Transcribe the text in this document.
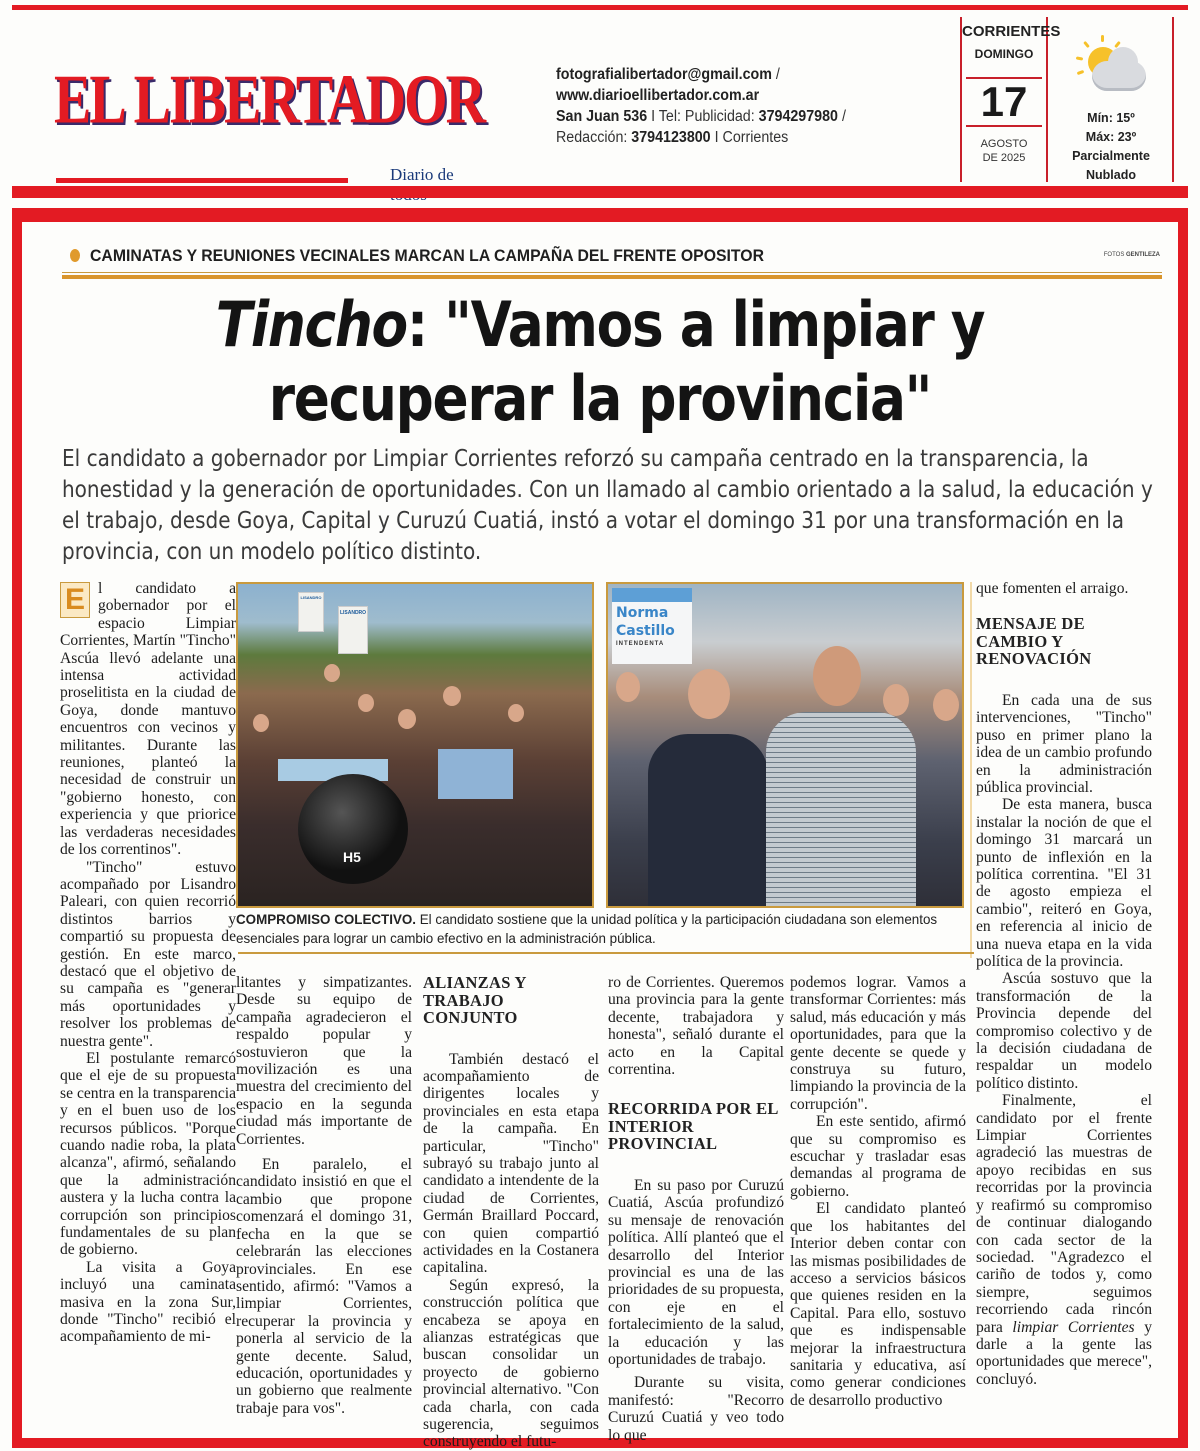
EL LIBERTADOR
Diario de
fotografialibertador@gmail.com /
www.diarioellibertador.com.ar
San Juan 536 I Tel: Publicidad: 3794297980 /
Redacción: 3794123800 I Corrientes
CORRIENTES
DOMINGO
17
AGOSTO
DE 2025
Mín: 15º
Máx: 23º
Parcialmente
Nublado
CAMINATAS Y REUNIONES VECINALES MARCAN LA CAMPAÑA DEL FRENTE OPOSITOR	FOTOS GENTILEZA
Tincho: "Vamos a limpiar y
recuperar la provincia"

El candidato a gobernador por Limpiar Corrientes reforzó su campaña centrado en la transparencia, la honestidad y la generación de oportunidades. Con un llamado al cambio orientado a la salud, la educación y el trabajo, desde Goya, Capital y Curuzú Cuatiá, instó a votar el domingo 31 por una transformación en la provincia, con un modelo político distinto.

E l candidato a gobernador por el espacio Limpiar Corrientes, Martín "Tincho" Ascúa llevó adelante una intensa actividad proselitista en la ciudad de Goya, donde mantuvo encuentros con vecinos y militantes. Durante las reuniones, planteó la necesidad de construir un "gobierno honesto, con experiencia y que priorice las verdaderas necesidades de los correntinos".

"Tincho" estuvo acompañado por Lisandro Paleari, con quien recorrió distintos barrios y compartió su propuesta de gestión. En este marco, destacó que el objetivo de su campaña es "generar más oportunidades y resolver los problemas de nuestra gente".

El postulante remarcó que el eje de su propuesta se centra en la transparencia y en el buen uso de los recursos públicos. "Porque cuando nadie roba, la plata alcanza", afirmó, señalando que la administración austera y la lucha contra la corrupción son principios fundamentales de su plan de gobierno.

La visita a Goya incluyó una caminata masiva en la zona Sur, donde "Tincho" recibió el acompañamiento de mi-

LISANDRO
LISANDRO
H5
Norma
Castillo
INTENDENTA
COMPROMISO COLECTIVO. El candidato sostiene que la unidad política y la participación ciudadana son elementos esenciales para lograr un cambio efectivo en la administración pública.

litantes y simpatizantes. Desde su equipo de campaña agradecieron el respaldo popular y sostuvieron que la movilización es una muestra del crecimiento del espacio en la segunda ciudad más importante de Corrientes.

En paralelo, el candidato insistió en que el cambio que propone comenzará el domingo 31, fecha en la que se celebrarán las elecciones provinciales. En ese sentido, afirmó: "Vamos a limpiar Corrientes, recuperar la provincia y ponerla al servicio de la gente decente. Salud, educación, oportunidades y un gobierno que realmente trabaje para vos".

ALIANZAS Y TRABAJO CONJUNTO

También destacó el acompañamiento de dirigentes locales y provinciales en esta etapa de la campaña. En particular, "Tincho" subrayó su trabajo junto al candidato a intendente de la ciudad de Corrientes, Germán Braillard Poccard, con quien compartió actividades en la Costanera capitalina.

Según expresó, la construcción política que encabeza se apoya en alianzas estratégicas que buscan consolidar un proyecto de gobierno provincial alternativo. "Con cada charla, con cada sugerencia, seguimos construyendo el futu-

ro de Corrientes. Queremos una provincia para la gente decente, trabajadora y honesta", señaló durante el acto en la Capital correntina.

RECORRIDA POR EL INTERIOR PROVINCIAL

En su paso por Curuzú Cuatiá, Ascúa profundizó su mensaje de renovación política. Allí planteó que el desarrollo del Interior provincial es una de las prioridades de su propuesta, con eje en el fortalecimiento de la salud, la educación y las oportunidades de trabajo.

Durante su visita, manifestó: "Recorro Curuzú Cuatiá y veo todo lo que

podemos lograr. Vamos a transformar Corrientes: más salud, más educación y más oportunidades, para que la gente decente se quede y construya su futuro, limpiando la provincia de la corrupción".

En este sentido, afirmó que su compromiso es escuchar y trasladar esas demandas al programa de gobierno.

El candidato planteó que los habitantes del Interior deben contar con las mismas posibilidades de acceso a servicios básicos que quienes residen en la Capital. Para ello, sostuvo que es indispensable mejorar la infraestructura sanitaria y educativa, así como generar condiciones de desarrollo productivo

que fomenten el arraigo.

MENSAJE DE CAMBIO Y RENOVACIÓN

En cada una de sus intervenciones, "Tincho" puso en primer plano la idea de un cambio profundo en la administración pública provincial.

De esta manera, busca instalar la noción de que el domingo 31 marcará un punto de inflexión en la política correntina. "El 31 de agosto empieza el cambio", reiteró en Goya, en referencia al inicio de una nueva etapa en la vida política de la provincia.

Ascúa sostuvo que la transformación de la Provincia depende del compromiso colectivo y de la decisión ciudadana de respaldar un modelo político distinto.

Finalmente, el candidato por el frente Limpiar Corrientes agradeció las muestras de apoyo recibidas en sus recorridas por la provincia y reafirmó su compromiso de continuar dialogando con cada sector de la sociedad. "Agradezco el cariño de todos y, como siempre, seguimos recorriendo cada rincón para limpiar Corrientes y darle a la gente las oportunidades que merece", concluyó.
